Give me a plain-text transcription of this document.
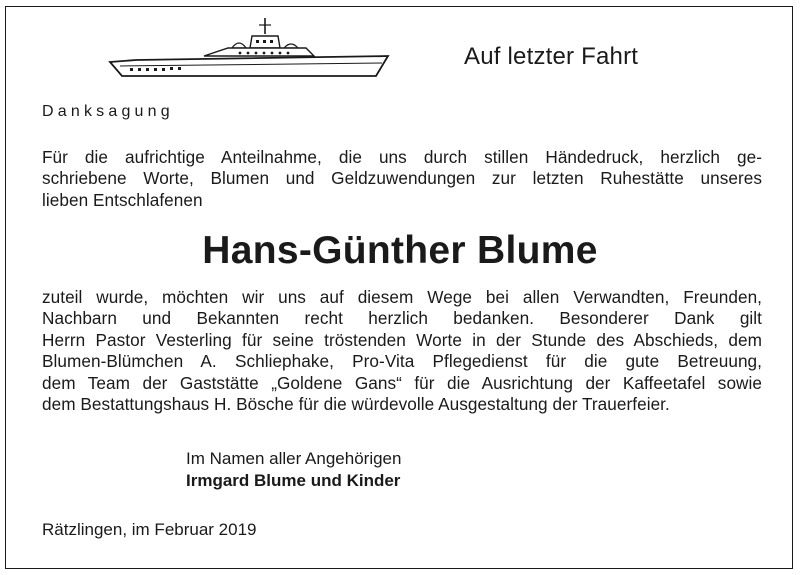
Auf letzter Fahrt
Danksagung
Für die aufrichtige Anteilnahme, die uns durch stillen Händedruck, herzlich ge-
schriebene Worte, Blumen und Geldzuwendungen zur letzten Ruhestätte unseres
lieben Entschlafenen
Hans-Günther Blume
zuteil wurde, möchten wir uns auf diesem Wege bei allen Verwandten, Freunden,
Nachbarn und Bekannten recht herzlich bedanken. Besonderer Dank gilt
Herrn Pastor Vesterling für seine tröstenden Worte in der Stunde des Abschieds, dem
Blumen-Blümchen A. Schliephake, Pro-Vita Pflegedienst für die gute Betreuung,
dem Team der Gaststätte „Goldene Gans“ für die Ausrichtung der Kaffeetafel sowie
dem Bestattungshaus H. Bösche für die würdevolle Ausgestaltung der Trauerfeier.
Im Namen aller Angehörigen
Irmgard Blume und Kinder
Rätzlingen, im Februar 2019
